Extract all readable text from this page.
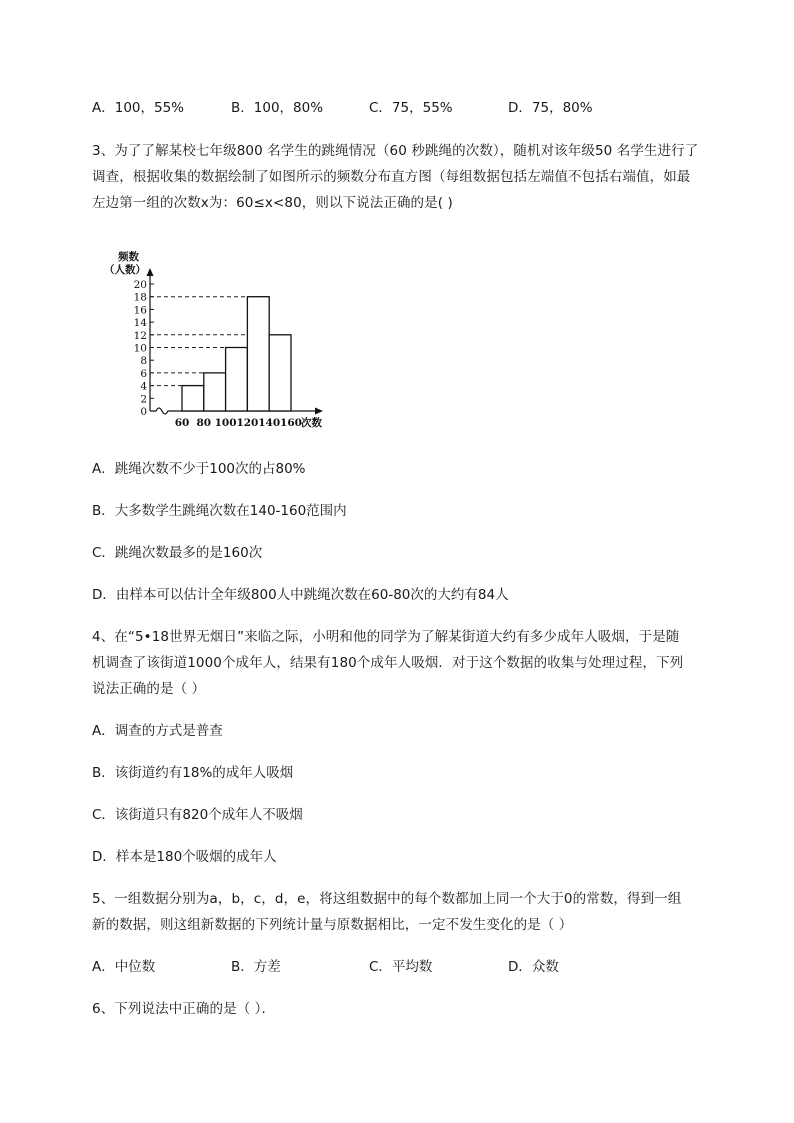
A．100，55%	B．100，80%	C．75，55%	D．75，80%
3、为了了解某校七年级800 名学生的跳绳情况（60 秒跳绳的次数），随机对该年级50 名学生进行了
调查，根据收集的数据绘制了如图所示的频数分布直方图（每组数据包括左端值不包括右端值，如最
左边第一组的次数x为：60≤x<80，则以下说法正确的是( )
频数
（人数）
0
2
4
6
8
10
12
14
16
18
20
60 80 100 120 140 160 次数
A．跳绳次数不少于100次的占80%
B．大多数学生跳绳次数在140-160范围内
C．跳绳次数最多的是160次
D．由样本可以估计全年级800人中跳绳次数在60-80次的大约有84人
4、在“5•18世界无烟日”来临之际，小明和他的同学为了解某街道大约有多少成年人吸烟，于是随
机调查了该街道1000个成年人，结果有180个成年人吸烟．对于这个数据的收集与处理过程，下列
说法正确的是（ ）
A．调查的方式是普查
B．该街道约有18%的成年人吸烟
C．该街道只有820个成年人不吸烟
D．样本是180个吸烟的成年人
5、一组数据分别为a，b，c，d，e，将这组数据中的每个数都加上同一个大于0的常数，得到一组
新的数据，则这组新数据的下列统计量与原数据相比，一定不发生变化的是（ ）
A．中位数	B．方差	C．平均数	D．众数
6、下列说法中正确的是（ ）．
